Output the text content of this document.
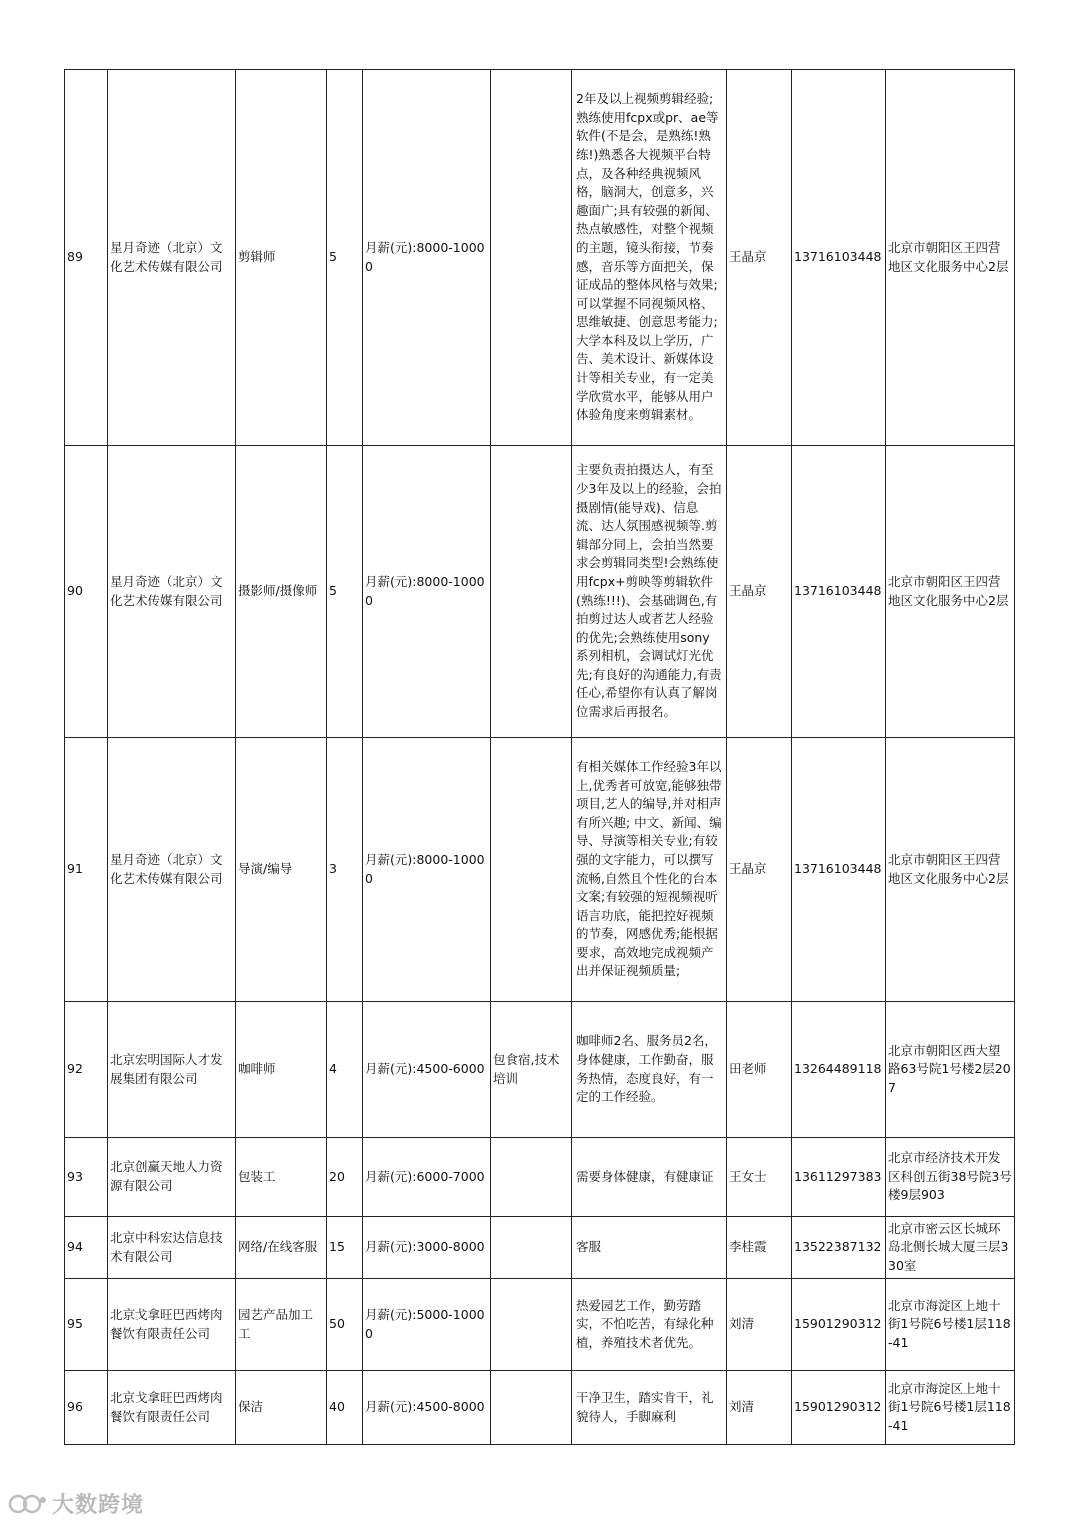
89	星月奇迹（北京）文化艺术传媒有限公司	剪辑师	5	月薪(元):8000-10000		2年及以上视频剪辑经验;熟练使用fcpx或pr、ae等软件(不是会，是熟练!熟练!)熟悉各大视频平台特点，及各种经典视频风格，脑洞大，创意多，兴趣面广;具有较强的新闻、热点敏感性，对整个视频的主题，镜头衔接，节奏感，音乐等方面把关，保证成品的整体风格与效果;可以掌握不同视频风格、思维敏捷、创意思考能力;大学本科及以上学历，广告、美术设计、新媒体设计等相关专业，有一定美学欣赏水平，能够从用户体验角度来剪辑素材。	王晶京	13716103448	北京市朝阳区王四营地区文化服务中心2层
90	星月奇迹（北京）文化艺术传媒有限公司	摄影师/摄像师	5	月薪(元):8000-10000		主要负责拍摄达人，有至少3年及以上的经验，会拍摄剧情(能导戏)、信息流、达人氛围感视频等.剪辑部分同上，会拍当然要求会剪辑同类型!会熟练使用fcpx+剪映等剪辑软件(熟练!!!)、会基础调色,有拍剪过达人或者艺人经验的优先;会熟练使用sony系列相机，会调试灯光优先;有良好的沟通能力,有责任心,希望你有认真了解岗位需求后再报名。	王晶京	13716103448	北京市朝阳区王四营地区文化服务中心2层
91	星月奇迹（北京）文化艺术传媒有限公司	导演/编导	3	月薪(元):8000-10000		有相关媒体工作经验3年以上,优秀者可放宽,能够独带项目,艺人的编导,并对相声有所兴趣; 中文、新闻、编导、导演等相关专业;有较强的文字能力，可以撰写流畅,自然且个性化的台本文案;有较强的短视频视听语言功底，能把控好视频的节奏，网感优秀;能根据要求，高效地完成视频产出并保证视频质量;	王晶京	13716103448	北京市朝阳区王四营地区文化服务中心2层
92	北京宏明国际人才发展集团有限公司	咖啡师	4	月薪(元):4500-6000	包食宿,技术培训	咖啡师2名、服务员2名，身体健康，工作勤奋，服务热情，态度良好，有一定的工作经验。	田老师	13264489118	北京市朝阳区西大望路63号院1号楼2层207
93	北京创赢天地人力资源有限公司	包装工	20	月薪(元):6000-7000		需要身体健康，有健康证	王女士	13611297383	北京市经济技术开发区科创五街38号院3号楼9层903
94	北京中科宏达信息技术有限公司	网络/在线客服	15	月薪(元):3000-8000		客服	李桂霞	13522387132	北京市密云区长城环岛北侧长城大厦三层330室
95	北京戈拿旺巴西烤肉餐饮有限责任公司	园艺产品加工工	50	月薪(元):5000-10000		热爱园艺工作，勤劳踏实，不怕吃苦，有绿化种植，养殖技术者优先。	刘清	15901290312	北京市海淀区上地十街1号院6号楼1层118-41
96	北京戈拿旺巴西烤肉餐饮有限责任公司	保洁	40	月薪(元):4500-8000		干净卫生，踏实肯干，礼貌待人，手脚麻利	刘清	15901290312	北京市海淀区上地十街1号院6号楼1层118-41
大数跨境
